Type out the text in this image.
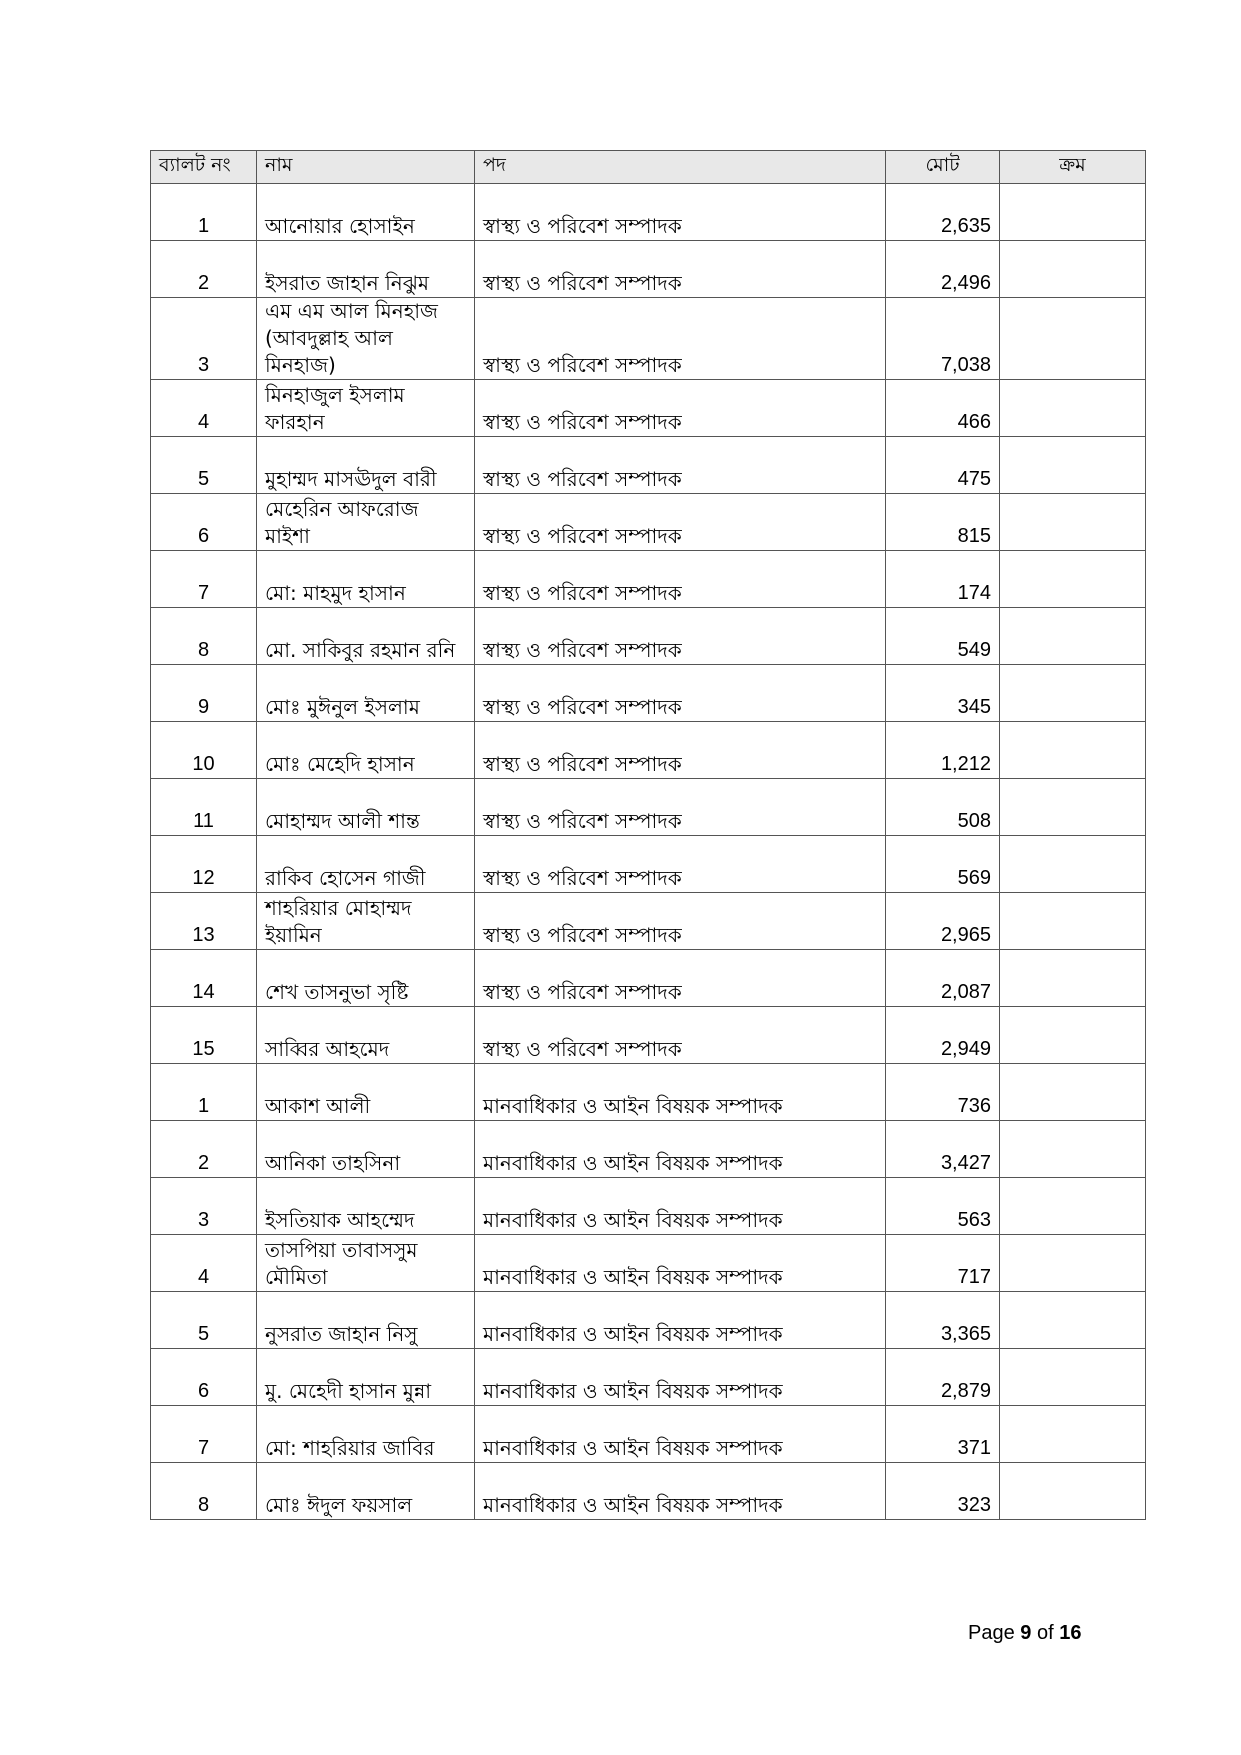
ব্যালট নং	নাম	পদ	মোট	ক্রম
1	আনোয়ার হোসাইন	স্বাস্থ্য ও পরিবেশ সম্পাদক	2,635	
2	ইসরাত জাহান নিঝুম	স্বাস্থ্য ও পরিবেশ সম্পাদক	2,496	
3	এম এম আল মিনহাজ (আবদুল্লাহ আল মিনহাজ)	স্বাস্থ্য ও পরিবেশ সম্পাদক	7,038	
4	মিনহাজুল ইসলাম ফারহান	স্বাস্থ্য ও পরিবেশ সম্পাদক	466	
5	মুহাম্মদ মাসঊদুল বারী	স্বাস্থ্য ও পরিবেশ সম্পাদক	475	
6	মেহেরিন আফরোজ মাইশা	স্বাস্থ্য ও পরিবেশ সম্পাদক	815	
7	মো: মাহমুদ হাসান	স্বাস্থ্য ও পরিবেশ সম্পাদক	174	
8	মো. সাকিবুর রহমান রনি	স্বাস্থ্য ও পরিবেশ সম্পাদক	549	
9	মোঃ মুঈনুল ইসলাম	স্বাস্থ্য ও পরিবেশ সম্পাদক	345	
10	মোঃ মেহেদি হাসান	স্বাস্থ্য ও পরিবেশ সম্পাদক	1,212	
11	মোহাম্মদ আলী শান্ত	স্বাস্থ্য ও পরিবেশ সম্পাদক	508	
12	রাকিব হোসেন গাজী	স্বাস্থ্য ও পরিবেশ সম্পাদক	569	
13	শাহরিয়ার মোহাম্মদ ইয়ামিন	স্বাস্থ্য ও পরিবেশ সম্পাদক	2,965	
14	শেখ তাসনুভা সৃষ্টি	স্বাস্থ্য ও পরিবেশ সম্পাদক	2,087	
15	সাব্বির আহমেদ	স্বাস্থ্য ও পরিবেশ সম্পাদক	2,949	
1	আকাশ আলী	মানবাধিকার ও আইন বিষয়ক সম্পাদক	736	
2	আনিকা তাহসিনা	মানবাধিকার ও আইন বিষয়ক সম্পাদক	3,427	
3	ইসতিয়াক আহম্মেদ	মানবাধিকার ও আইন বিষয়ক সম্পাদক	563	
4	তাসপিয়া তাবাসসুম মৌমিতা	মানবাধিকার ও আইন বিষয়ক সম্পাদক	717	
5	নুসরাত জাহান নিসু	মানবাধিকার ও আইন বিষয়ক সম্পাদক	3,365	
6	মু. মেহেদী হাসান মুন্না	মানবাধিকার ও আইন বিষয়ক সম্পাদক	2,879	
7	মো: শাহরিয়ার জাবির	মানবাধিকার ও আইন বিষয়ক সম্পাদক	371	
8	মোঃ ঈদুল ফয়সাল	মানবাধিকার ও আইন বিষয়ক সম্পাদক	323	
Page 9 of 16
